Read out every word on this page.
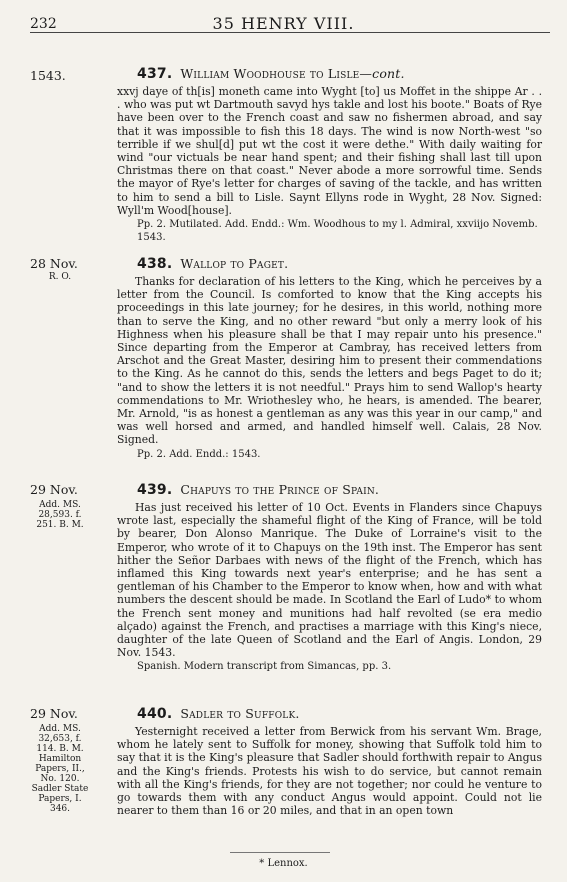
232	35 HENRY VIII.
1543.	437. William Woodhouse to Lisle—cont.

xxvj daye of th[is] moneth came into Wyght [to] us Moffet in the shippe Ar . . . who was put wt Dartmouth savyd hys takle and lost his boote." Boats of Rye have been over to the French coast and saw no fishermen abroad, and say that it was impossible to fish this 18 days. The wind is now North-west "so terrible if we shul[d] put wt the cost it were dethe." With daily waiting for wind "our victuals be near hand spent; and their fishing shall last till upon Christmas there on that coast." Never abode a more sorrowful time. Sends the mayor of Rye's letter for charges of saving of the tackle, and has written to him to send a bill to Lisle. Saynt Ellyns rode in Wyght, 28 Nov. Signed: Wyll'm Wood[house].

Pp. 2. Mutilated. Add. Endd.: Wm. Woodhous to my l. Admiral, xxviijo Novemb. 1543.

28 Nov.
R. O.
438. Wallop to Paget.

Thanks for declaration of his letters to the King, which he perceives by a letter from the Council. Is comforted to know that the King accepts his proceedings in this late journey; for he desires, in this world, nothing more than to serve the King, and no other reward "but only a merry look of his Highness when his pleasure shall be that I may repair unto his presence." Since departing from the Emperor at Cambray, has received letters from Arschot and the Great Master, desiring him to present their commendations to the King. As he cannot do this, sends the letters and begs Paget to do it; "and to show the letters it is not needful." Prays him to send Wallop's hearty commendations to Mr. Wriothesley who, he hears, is amended. The bearer, Mr. Arnold, "is as honest a gentleman as any was this year in our camp," and was well horsed and armed, and handled himself well. Calais, 28 Nov. Signed.

Pp. 2. Add. Endd.: 1543.

29 Nov.
Add. MS. 28,593. f. 251. B. M.
439. Chapuys to the Prince of Spain.

Has just received his letter of 10 Oct. Events in Flanders since Chapuys wrote last, especially the shameful flight of the King of France, will be told by bearer, Don Alonso Manrique. The Duke of Lorraine's visit to the Emperor, who wrote of it to Chapuys on the 19th inst. The Emperor has sent hither the Señor Darbaes with news of the flight of the French, which has inflamed this King towards next year's enterprise; and he has sent a gentleman of his Chamber to the Emperor to know when, how and with what numbers the descent should be made. In Scotland the Earl of Ludo* to whom the French sent money and munitions had half revolted (se era medio alçado) against the French, and practises a marriage with this King's niece, daughter of the late Queen of Scotland and the Earl of Angis. London, 29 Nov. 1543.

Spanish. Modern transcript from Simancas, pp. 3.

29 Nov.
Add. MS. 32,653, f. 114. B. M. Hamilton Papers, II., No. 120. Sadler State Papers, I. 346.
440. Sadler to Suffolk.

Yesternight received a letter from Berwick from his servant Wm. Brage, whom he lately sent to Suffolk for money, showing that Suffolk told him to say that it is the King's pleasure that Sadler should forthwith repair to Angus and the King's friends. Protests his wish to do service, but cannot remain with all the King's friends, for they are not together; nor could he venture to go towards them with any conduct Angus would appoint. Could not lie nearer to them than 16 or 20 miles, and that in an open town

* Lennox.
